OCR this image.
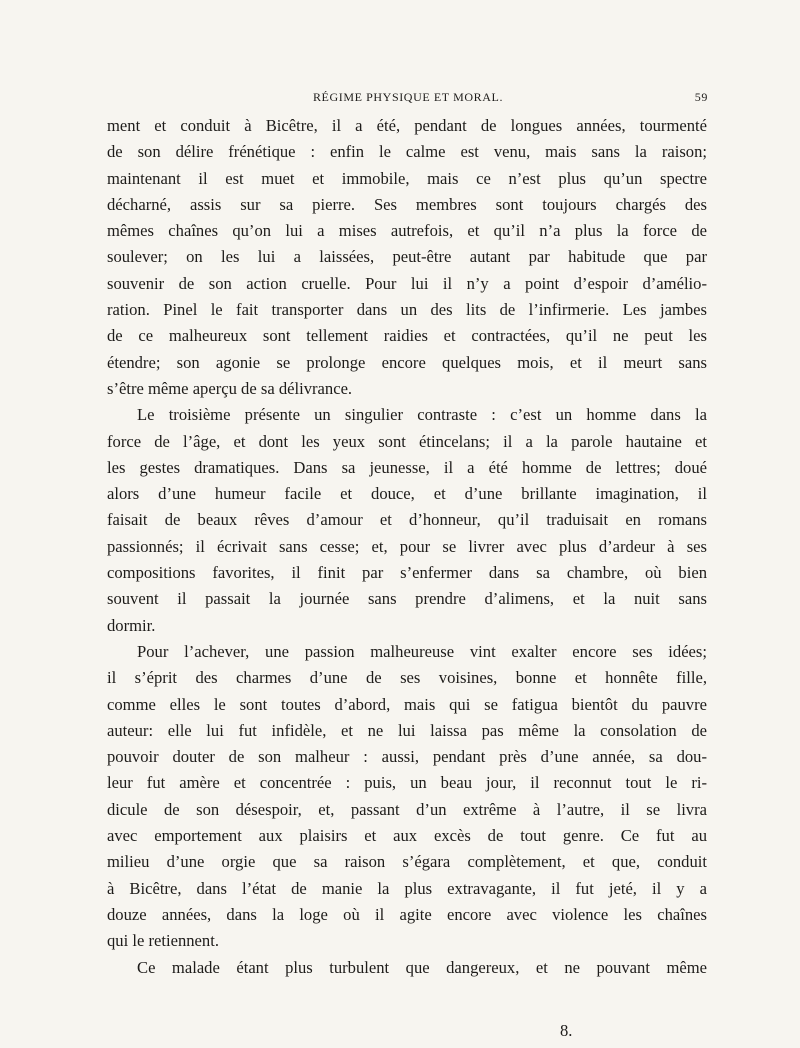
RÉGIME PHYSIQUE ET MORAL.	59
ment et conduit à Bicêtre, il a été, pendant de longues années, tourmenté
de son délire frénétique : enfin le calme est venu, mais sans la raison;
maintenant il est muet et immobile, mais ce n’est plus qu’un spectre
décharné, assis sur sa pierre. Ses membres sont toujours chargés des
mêmes chaînes qu’on lui a mises autrefois, et qu’il n’a plus la force de
soulever; on les lui a laissées, peut-être autant par habitude que par
souvenir de son action cruelle. Pour lui il n’y a point d’espoir d’amélio-
ration. Pinel le fait transporter dans un des lits de l’infirmerie. Les jambes
de ce malheureux sont tellement raidies et contractées, qu’il ne peut les
étendre; son agonie se prolonge encore quelques mois, et il meurt sans
s’être même aperçu de sa délivrance.
Le troisième présente un singulier contraste : c’est un homme dans la
force de l’âge, et dont les yeux sont étincelans; il a la parole hautaine et
les gestes dramatiques. Dans sa jeunesse, il a été homme de lettres; doué
alors d’une humeur facile et douce, et d’une brillante imagination, il
faisait de beaux rêves d’amour et d’honneur, qu’il traduisait en romans
passionnés; il écrivait sans cesse; et, pour se livrer avec plus d’ardeur à ses
compositions favorites, il finit par s’enfermer dans sa chambre, où bien
souvent il passait la journée sans prendre d’alimens, et la nuit sans
dormir.
Pour l’achever, une passion malheureuse vint exalter encore ses idées;
il s’éprit des charmes d’une de ses voisines, bonne et honnête fille,
comme elles le sont toutes d’abord, mais qui se fatigua bientôt du pauvre
auteur: elle lui fut infidèle, et ne lui laissa pas même la consolation de
pouvoir douter de son malheur : aussi, pendant près d’une année, sa dou-
leur fut amère et concentrée : puis, un beau jour, il reconnut tout le ri-
dicule de son désespoir, et, passant d’un extrême à l’autre, il se livra
avec emportement aux plaisirs et aux excès de tout genre. Ce fut au
milieu d’une orgie que sa raison s’égara complètement, et que, conduit
à Bicêtre, dans l’état de manie la plus extravagante, il fut jeté, il y a
douze années, dans la loge où il agite encore avec violence les chaînes
qui le retiennent.
Ce malade étant plus turbulent que dangereux, et ne pouvant même
8.
